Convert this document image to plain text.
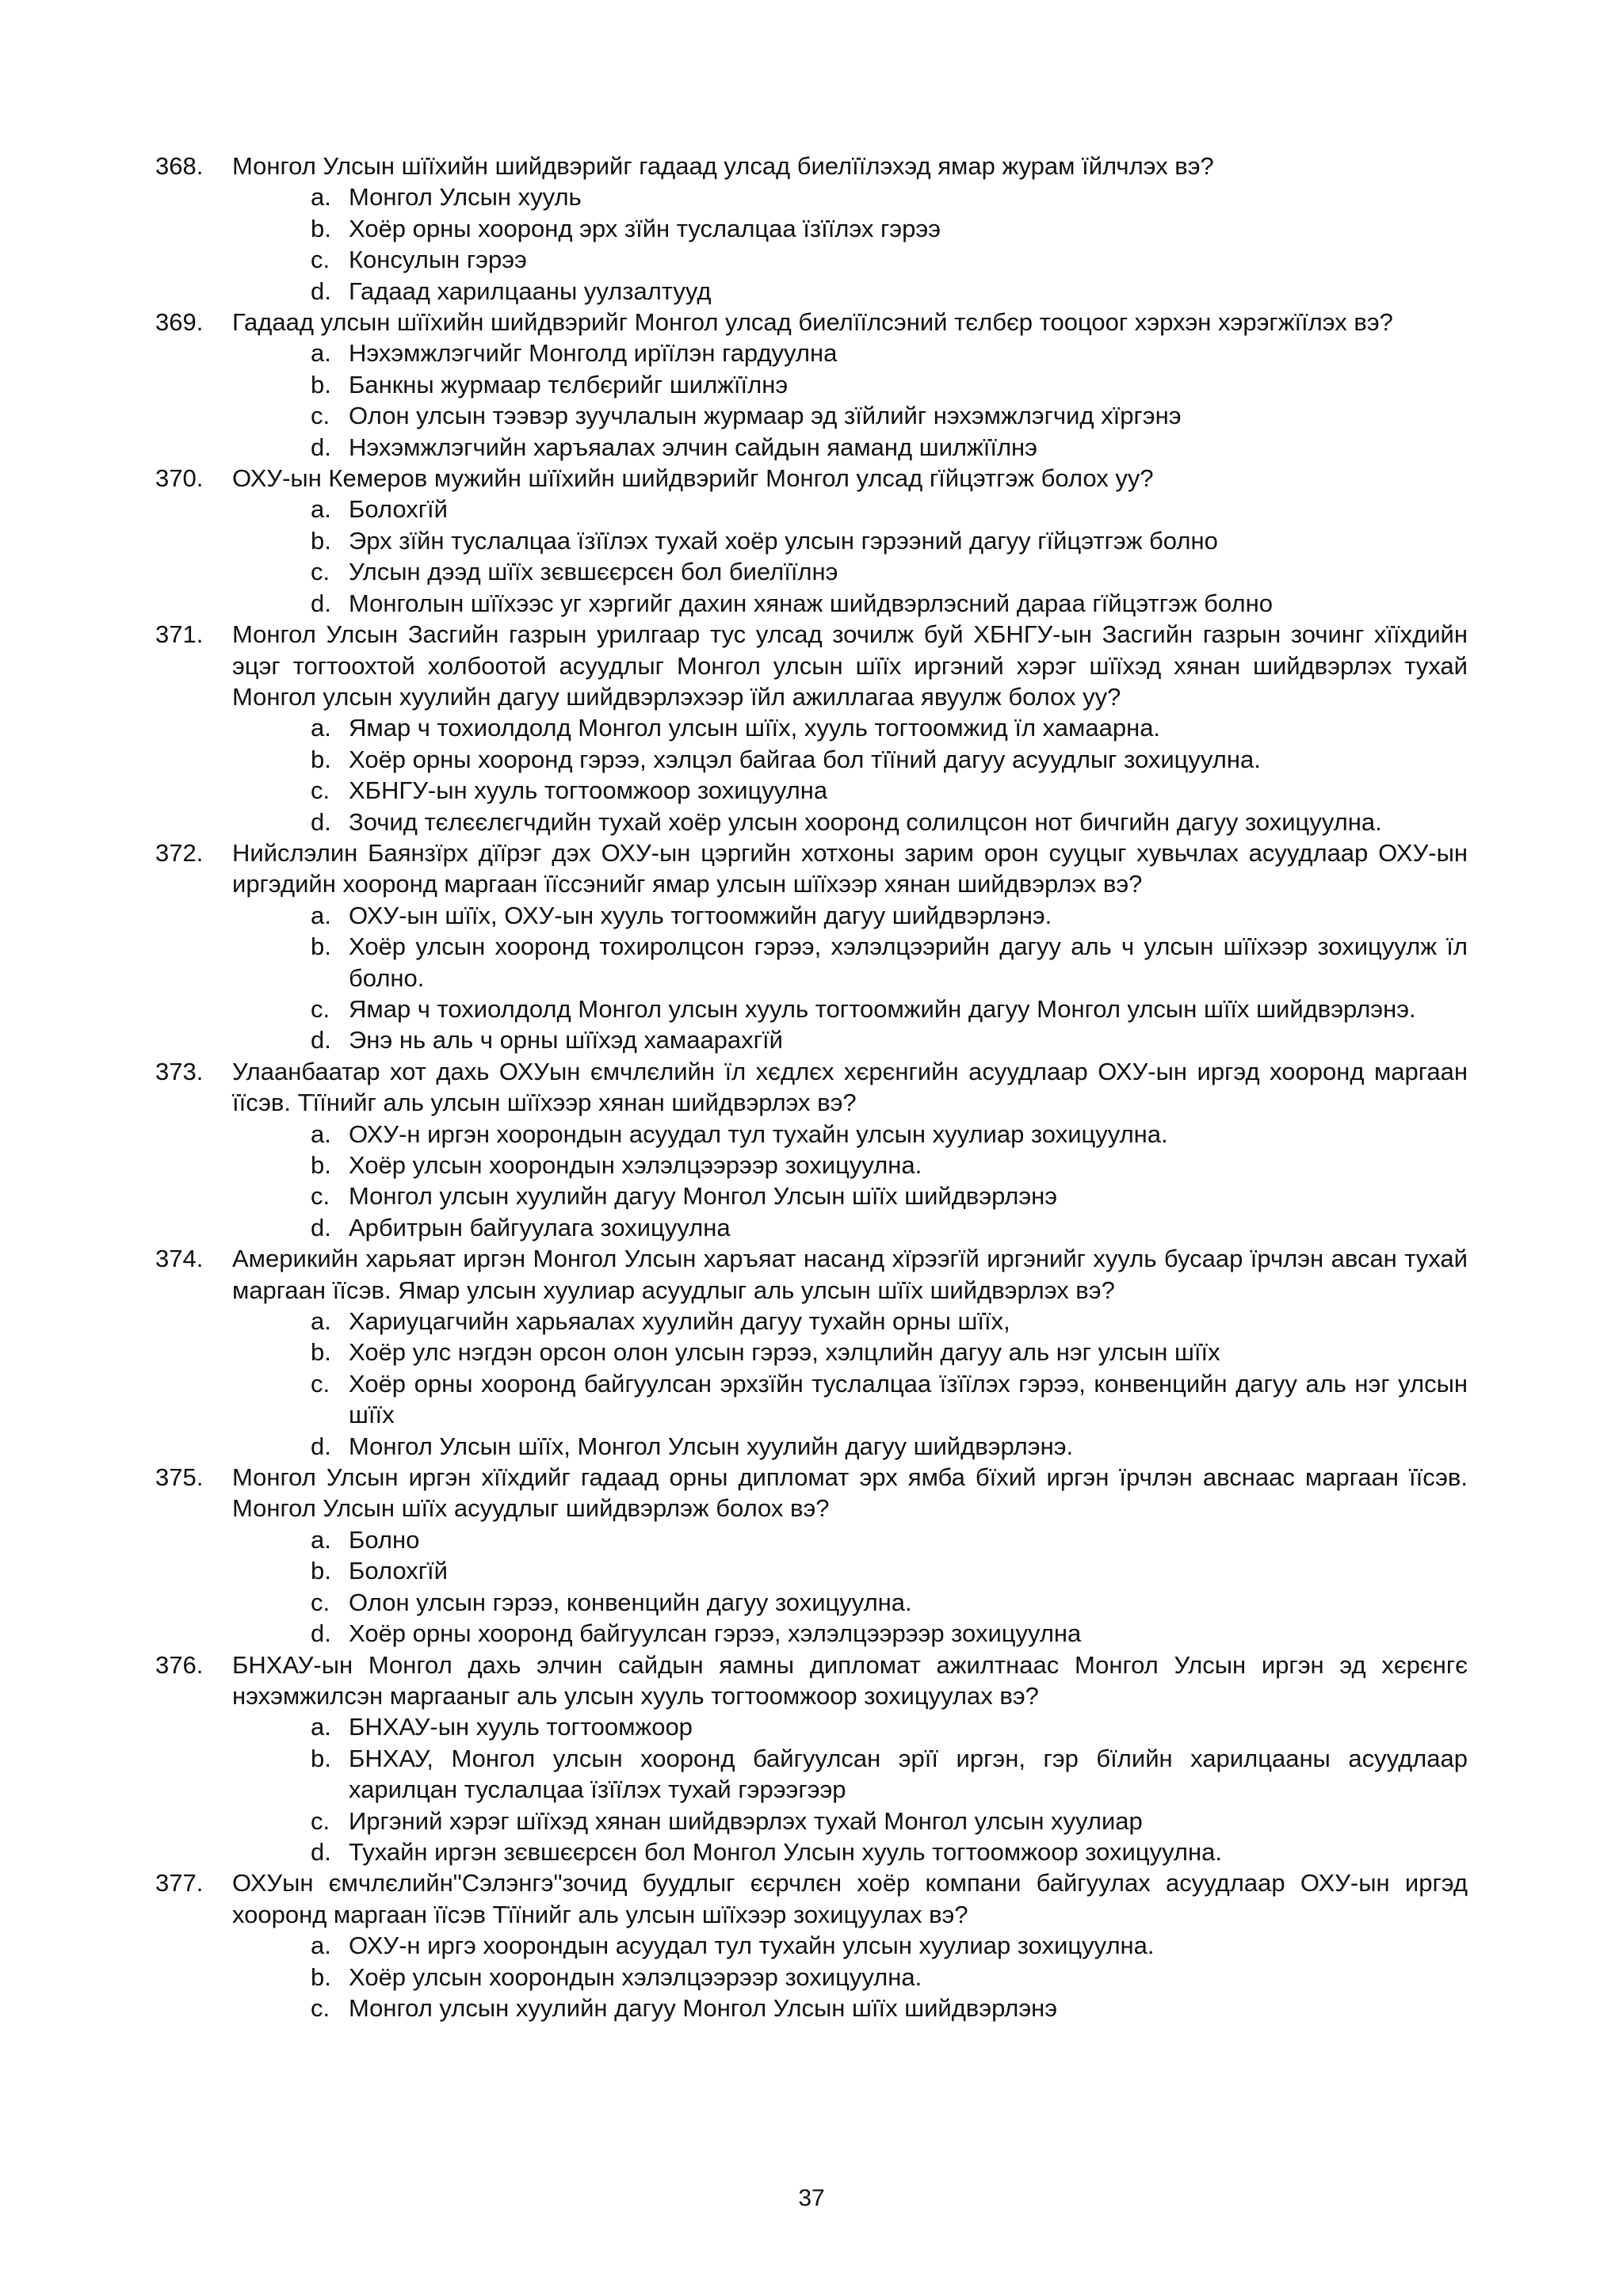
368. Монгол Улсын шїїхийн шийдвэрийг гадаад улсад биелїїлэхэд ямар журам їйлчлэх вэ?
a. Монгол Улсын хууль
b. Хоёр орны хооронд эрх зїйн туслалцаа їзїїлэх гэрээ
c. Консулын гэрээ
d. Гадаад харилцааны уулзалтууд
369. Гадаад улсын шїїхийн шийдвэрийг Монгол улсад биелїїлсэний тєлбєр тооцоог хэрхэн хэрэгжїїлэх вэ?
a. Нэхэмжлэгчийг Монголд ирїїлэн гардуулна
b. Банкны журмаар тєлбєрийг шилжїїлнэ
c. Олон улсын тээвэр зуучлалын журмаар эд зїйлийг нэхэмжлэгчид хїргэнэ
d. Нэхэмжлэгчийн харъяалах элчин сайдын яаманд шилжїїлнэ
370. ОХУ-ын Кемеров мужийн шїїхийн шийдвэрийг Монгол улсад гїйцэтгэж болох уу?
a. Болохгїй
b. Эрх зїйн туслалцаа їзїїлэх тухай хоёр улсын гэрээний дагуу гїйцэтгэж болно
c. Улсын дээд шїїх зєвшєєрсєн бол биелїїлнэ
d. Монголын шїїхээс уг хэргийг дахин хянаж шийдвэрлэсний дараа гїйцэтгэж болно
371. Монгол Улсын Засгийн газрын урилгаар тус улсад зочилж буй ХБНГУ-ын Засгийн газрын зочинг хїїхдийн эцэг тогтоохтой холбоотой асуудлыг Монгол улсын шїїх иргэний хэрэг шїїхэд хянан шийдвэрлэх тухай Монгол улсын хуулийн дагуу шийдвэрлэхээр їйл ажиллагаа явуулж болох уу?
a. Ямар ч тохиолдолд Монгол улсын шїїх, хууль тогтоомжид їл хамаарна.
b. Хоёр орны хооронд гэрээ, хэлцэл байгаа бол тїїний дагуу асуудлыг зохицуулна.
c. ХБНГУ-ын хууль тогтоомжоор зохицуулна
d. Зочид тєлєєлєгчдийн тухай хоёр улсын хооронд солилцсон нот бичгийн дагуу зохицуулна.
372. Нийслэлин Баянзїрх дїїрэг дэх ОХУ-ын цэргийн хотхоны зарим орон сууцыг хувьчлах асуудлаар ОХУ-ын иргэдийн хооронд маргаан їїссэнийг ямар улсын шїїхээр хянан шийдвэрлэх вэ?
a. ОХУ-ын шїїх, ОХУ-ын хууль тогтоомжийн дагуу шийдвэрлэнэ.
b. Хоёр улсын хооронд тохиролцсон гэрээ, хэлэлцээрийн дагуу аль ч улсын шїїхээр зохицуулж їл болно.
c. Ямар ч тохиолдолд Монгол улсын хууль тогтоомжийн дагуу Монгол улсын шїїх шийдвэрлэнэ.
d. Энэ нь аль ч орны шїїхэд хамаарахгїй
373. Улаанбаатар хот дахь ОХУын ємчлєлийн їл хєдлєх хєрєнгийн асуудлаар ОХУ-ын иргэд хооронд маргаан їїсэв. Тїїнийг аль улсын шїїхээр хянан шийдвэрлэх вэ?
a. ОХУ-н иргэн хоорондын асуудал тул тухайн улсын хуулиар зохицуулна.
b. Хоёр улсын хоорондын хэлэлцээрээр зохицуулна.
c. Монгол улсын хуулийн дагуу Монгол Улсын шїїх шийдвэрлэнэ
d. Арбитрын байгуулага зохицуулна
374. Америкийн харьяат иргэн Монгол Улсын харъяат насанд хїрээгїй иргэнийг хууль бусаар їрчлэн авсан тухай маргаан їїсэв. Ямар улсын хуулиар асуудлыг аль улсын шїїх шийдвэрлэх вэ?
a. Хариуцагчийн харьяалах хуулийн дагуу тухайн орны шїїх,
b. Хоёр улс нэгдэн орсон олон улсын гэрээ, хэлцлийн дагуу аль нэг улсын шїїх
c. Хоёр орны хооронд байгуулсан эрхзїйн туслалцаа їзїїлэх гэрээ, конвенцийн дагуу аль нэг улсын шїїх
d. Монгол Улсын шїїх, Монгол Улсын хуулийн дагуу шийдвэрлэнэ.
375. Монгол Улсын иргэн хїїхдийг гадаад орны дипломат эрх ямба бїхий иргэн їрчлэн авснаас маргаан їїсэв. Монгол Улсын шїїх асуудлыг шийдвэрлэж болох вэ?
a. Болно
b. Болохгїй
c. Олон улсын гэрээ, конвенцийн дагуу зохицуулна.
d. Хоёр орны хооронд байгуулсан гэрээ, хэлэлцээрээр зохицуулна
376. БНХАУ-ын Монгол дахь элчин сайдын яамны дипломат ажилтнаас Монгол Улсын иргэн эд хєрєнгє нэхэмжилсэн маргааныг аль улсын хууль тогтоомжоор зохицуулах вэ?
a. БНХАУ-ын хууль тогтоомжоор
b. БНХАУ, Монгол улсын хооронд байгуулсан эрїї иргэн, гэр бїлийн харилцааны асуудлаар харилцан туслалцаа їзїїлэх тухай гэрээгээр
c. Иргэний хэрэг шїїхэд хянан шийдвэрлэх тухай Монгол улсын хуулиар
d. Тухайн иргэн зєвшєєрсєн бол Монгол Улсын хууль тогтоомжоор зохицуулна.
377. ОХУын ємчлєлийн"Сэлэнгэ"зочид буудлыг єєрчлєн хоёр компани байгуулах асуудлаар ОХУ-ын иргэд хооронд маргаан їїсэв Тїїнийг аль улсын шїїхээр зохицуулах вэ?
a. ОХУ-н иргэ хоорондын асуудал тул тухайн улсын хуулиар зохицуулна.
b. Хоёр улсын хоорондын хэлэлцээрээр зохицуулна.
c. Монгол улсын хуулийн дагуу Монгол Улсын шїїх шийдвэрлэнэ
37
